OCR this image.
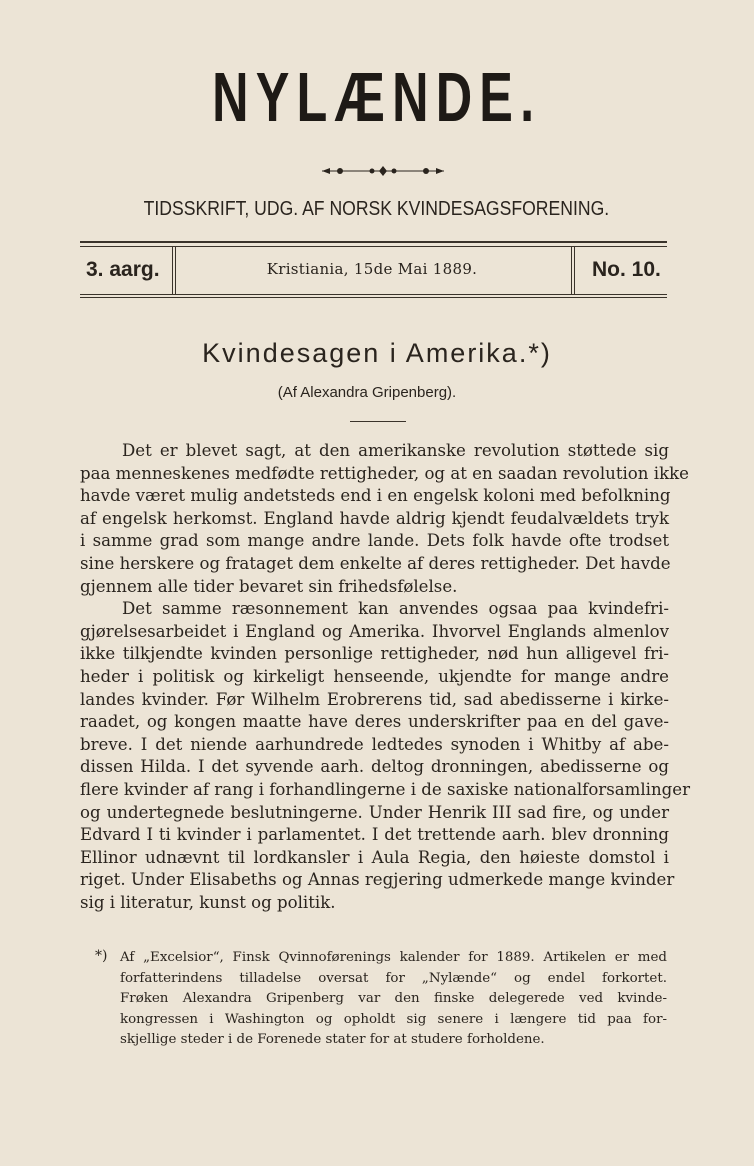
NYLÆNDE.
TIDSSKRIFT, UDG. AF NORSK KVINDESAGSFORENING.
3. aarg.	Kristiania, 15de Mai 1889.	No. 10.
Kvindesagen i Amerika.*)
(Af Alexandra Gripenberg).
Det er blevet sagt, at den amerikanske revolution støttede sig
paa menneskenes medfødte rettigheder, og at en saadan revolution ikke
havde været mulig andetsteds end i en engelsk koloni med befolkning
af engelsk herkomst. England havde aldrig kjendt feudalvældets tryk
i samme grad som mange andre lande. Dets folk havde ofte trodset
sine herskere og frataget dem enkelte af deres rettigheder. Det havde
gjennem alle tider bevaret sin frihedsfølelse.
Det samme ræsonnement kan anvendes ogsaa paa kvindefri-
gjørelsesarbeidet i England og Amerika. Ihvorvel Englands almenlov
ikke tilkjendte kvinden personlige rettigheder, nød hun alligevel fri-
heder i politisk og kirkeligt henseende, ukjendte for mange andre
landes kvinder. Før Wilhelm Erobrerens tid, sad abedisserne i kirke-
raadet, og kongen maatte have deres underskrifter paa en del gave-
breve. I det niende aarhundrede ledtedes synoden i Whitby af abe-
dissen Hilda. I det syvende aarh. deltog dronningen, abedisserne og
flere kvinder af rang i forhandlingerne i de saxiske nationalforsamlinger
og undertegnede beslutningerne. Under Henrik III sad fire, og under
Edvard I ti kvinder i parlamentet. I det trettende aarh. blev dronning
Ellinor udnævnt til lordkansler i Aula Regia, den høieste domstol i
riget. Under Elisabeths og Annas regjering udmerkede mange kvinder
sig i literatur, kunst og politik.
*) Af „Excelsior“, Finsk Qvinnoførenings kalender for 1889. Artikelen er med
forfatterindens tilladelse oversat for „Nylænde“ og endel forkortet.
Frøken Alexandra Gripenberg var den finske delegerede ved kvinde-
kongressen i Washington og opholdt sig senere i længere tid paa for-
skjellige steder i de Forenede stater for at studere forholdene.
